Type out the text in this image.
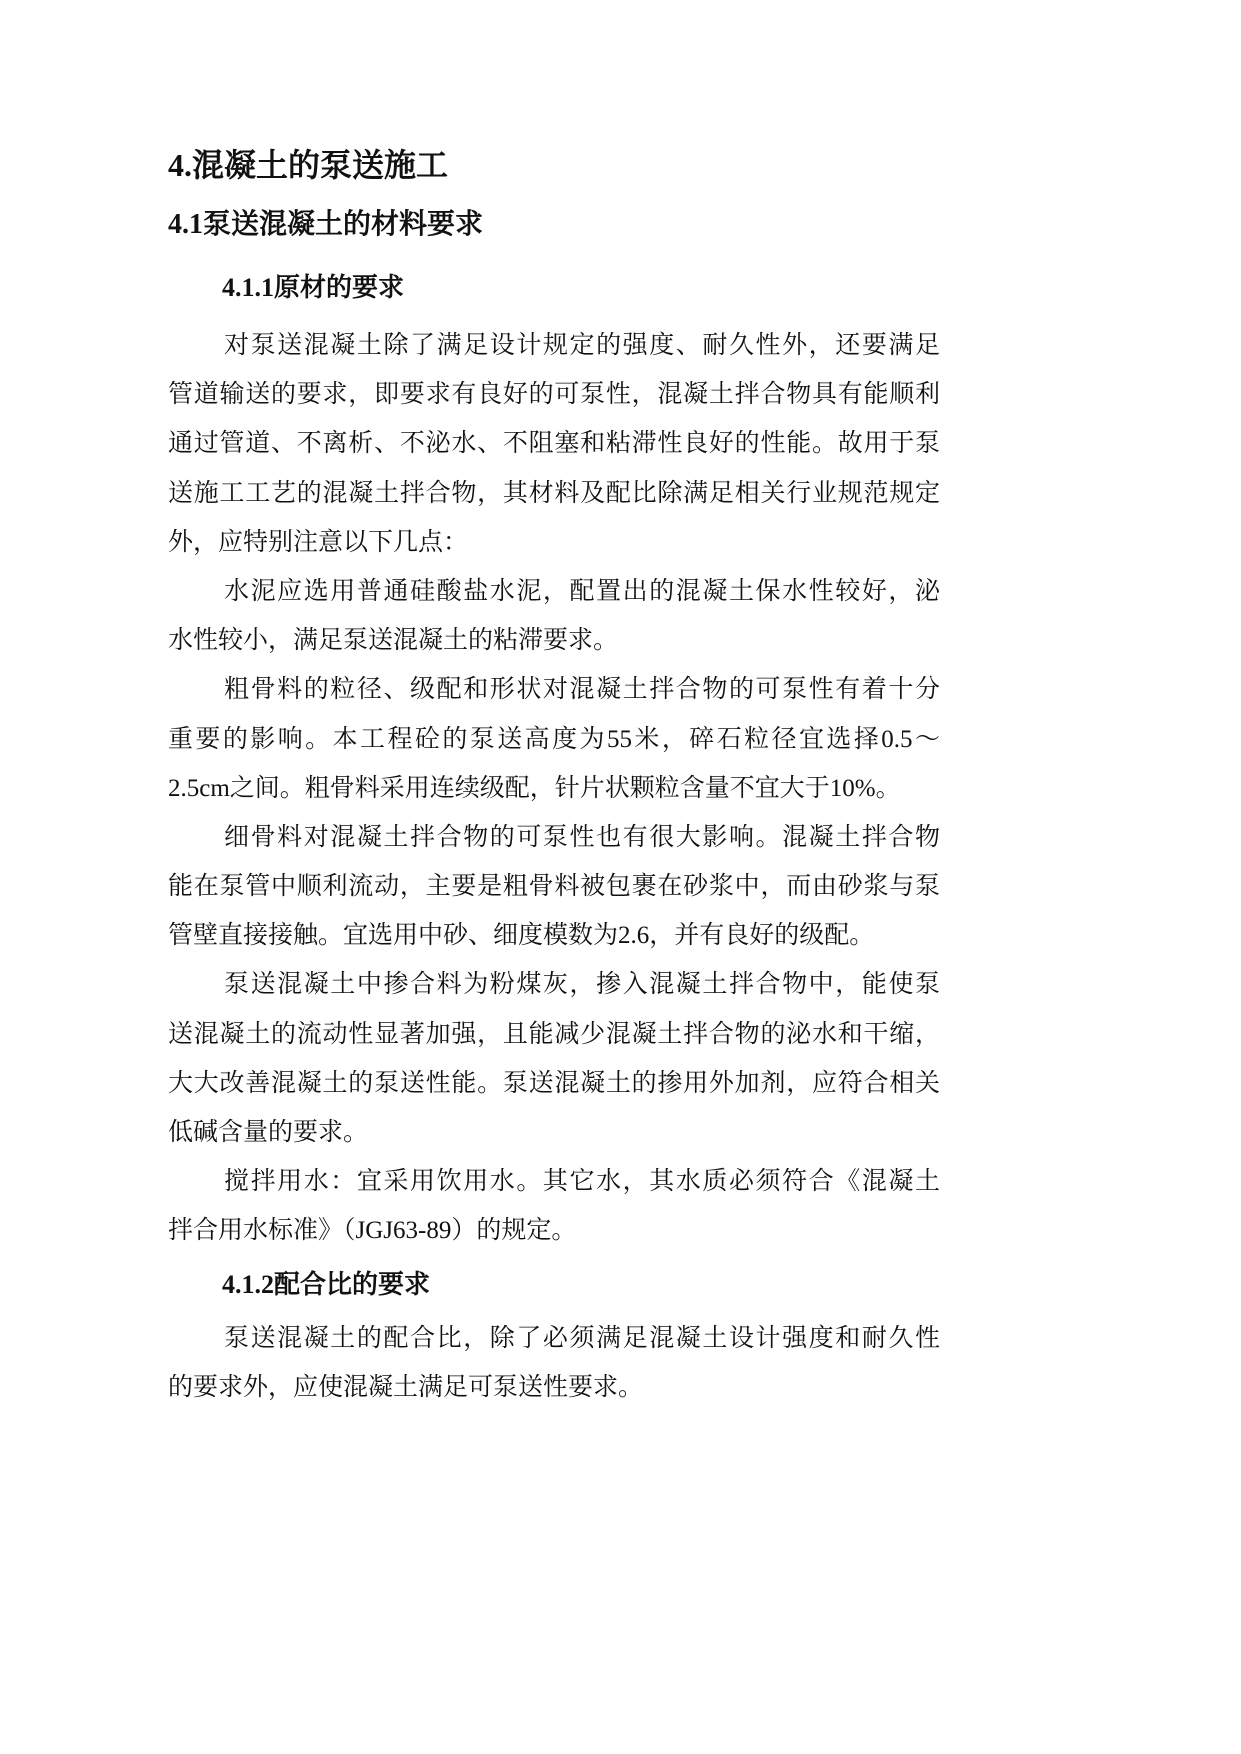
4.混凝土的泵送施工
4.1泵送混凝土的材料要求
4.1.1原材的要求
对泵送混凝土除了满足设计规定的强度、耐久性外，还要满足
管道输送的要求，即要求有良好的可泵性，混凝土拌合物具有能顺利
通过管道、不离析、不泌水、不阻塞和粘滞性良好的性能。故用于泵
送施工工艺的混凝土拌合物，其材料及配比除满足相关行业规范规定
外，应特别注意以下几点：
水泥应选用普通硅酸盐水泥，配置出的混凝土保水性较好，泌
水性较小，满足泵送混凝土的粘滞要求。
粗骨料的粒径、级配和形状对混凝土拌合物的可泵性有着十分
重要的影响。本工程砼的泵送高度为55米，碎石粒径宜选择0.5～
2.5cm之间。粗骨料采用连续级配，针片状颗粒含量不宜大于10%。
细骨料对混凝土拌合物的可泵性也有很大影响。混凝土拌合物
能在泵管中顺利流动，主要是粗骨料被包裹在砂浆中，而由砂浆与泵
管壁直接接触。宜选用中砂、细度模数为2.6，并有良好的级配。
泵送混凝土中掺合料为粉煤灰，掺入混凝土拌合物中，能使泵
送混凝土的流动性显著加强，且能减少混凝土拌合物的泌水和干缩，
大大改善混凝土的泵送性能。泵送混凝土的掺用外加剂，应符合相关
低碱含量的要求。
搅拌用水：宜采用饮用水。其它水，其水质必须符合《混凝土
拌合用水标准》（JGJ63-89）的规定。
4.1.2配合比的要求
泵送混凝土的配合比，除了必须满足混凝土设计强度和耐久性
的要求外，应使混凝土满足可泵送性要求。
